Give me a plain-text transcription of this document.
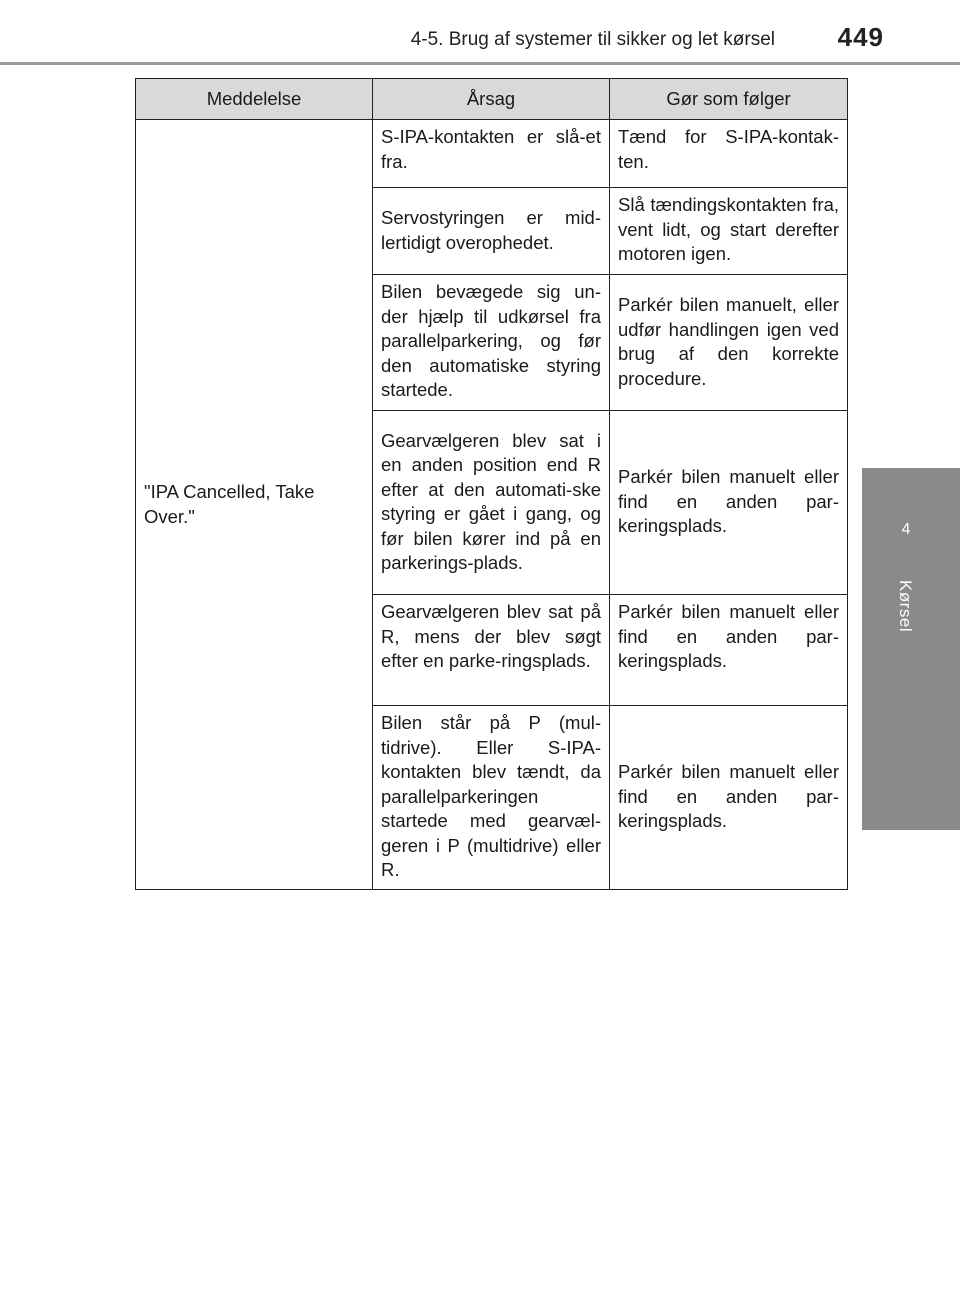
4-5. Brug af systemer til sikker og let kørsel 449
4
Kørsel
Meddelelse	Årsag	Gør som følger
"IPA Cancelled, Take Over."	S-IPA-kontakten er slå-et fra.	Tænd for S-IPA-kontak-ten.
	Servostyringen er mid-lertidigt overophedet.	Slå tændingskontakten fra, vent lidt, og start derefter motoren igen.
	Bilen bevægede sig un-der hjælp til udkørsel fra parallelparkering, og før den automatiske styring startede.	Parkér bilen manuelt, eller udfør handlingen igen ved brug af den korrekte procedure.
	Gearvælgeren blev sat i en anden position end R efter at den automati-ske styring er gået i gang, og før bilen kører ind på en parkerings-plads.	Parkér bilen manuelt eller find en anden par-keringsplads.
	Gearvælgeren blev sat på R, mens der blev søgt efter en parke-ringsplads.	Parkér bilen manuelt eller find en anden par-keringsplads.
	Bilen står på P (mul-tidrive). Eller S-IPA-kontakten blev tændt, da parallelparkeringen startede med gearvæl-geren i P (multidrive) eller R.	Parkér bilen manuelt eller find en anden par-keringsplads.
